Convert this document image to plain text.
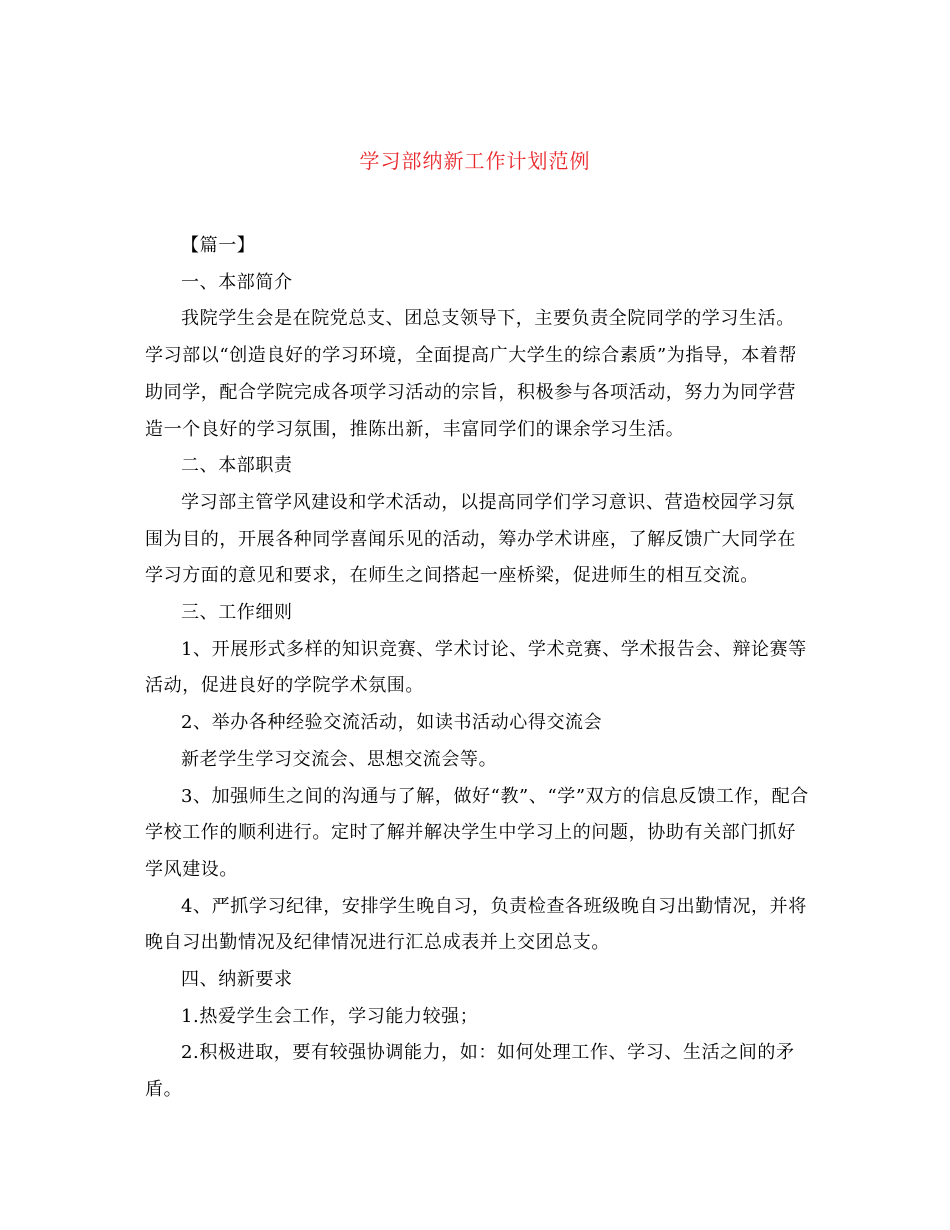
学习部纳新工作计划范例

【篇一】

一、本部简介

我院学生会是在院党总支、团总支领导下，主要负责全院同学的学习生活。学习部以“创造良好的学习环境，全面提高广大学生的综合素质”为指导，本着帮助同学，配合学院完成各项学习活动的宗旨，积极参与各项活动，努力为同学营造一个良好的学习氛围，推陈出新，丰富同学们的课余学习生活。

二、本部职责

学习部主管学风建设和学术活动，以提高同学们学习意识、营造校园学习氛围为目的，开展各种同学喜闻乐见的活动，筹办学术讲座，了解反馈广大同学在学习方面的意见和要求，在师生之间搭起一座桥梁，促进师生的相互交流。

三、工作细则

1、开展形式多样的知识竞赛、学术讨论、学术竞赛、学术报告会、辩论赛等活动，促进良好的学院学术氛围。

2、举办各种经验交流活动，如读书活动心得交流会

新老学生学习交流会、思想交流会等。

3、加强师生之间的沟通与了解，做好“教”、“学”双方的信息反馈工作，配合学校工作的顺利进行。定时了解并解决学生中学习上的问题，协助有关部门抓好学风建设。

4、严抓学习纪律，安排学生晚自习，负责检查各班级晚自习出勤情况，并将晚自习出勤情况及纪律情况进行汇总成表并上交团总支。

四、纳新要求

1.热爱学生会工作，学习能力较强；

2.积极进取，要有较强协调能力，如：如何处理工作、学习、生活之间的矛盾。
